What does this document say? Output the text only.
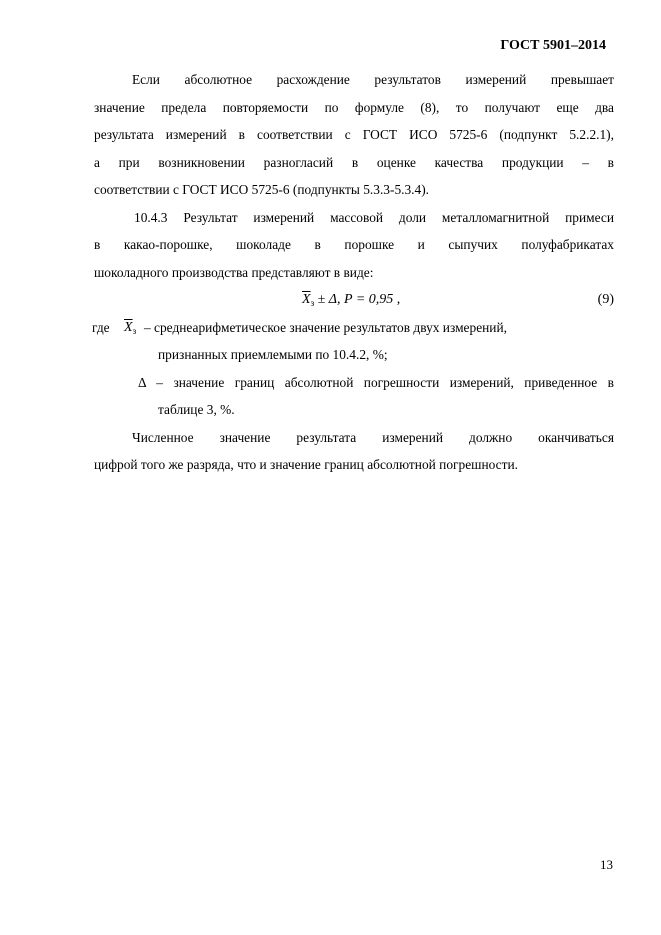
ГОСТ 5901–2014

Если абсолютное расхождение результатов измерений превышает

значение предела повторяемости по формуле (8), то получают еще два

результата измерений в соответствии с ГОСТ ИСО 5725-6 (подпункт 5.2.2.1),

а при возникновении разногласий в оценке качества продукции – в

соответствии с ГОСТ ИСО 5725-6 (подпункты 5.3.3-5.3.4).

10.4.3 Результат измерений массовой доли металломагнитной примеси

в какао-порошке, шоколаде в порошке и сыпучих полуфабрикатах

шоколадного производства представляют в виде:

$\overline{X}_з \pm \Delta$, P = 0,95 ,	(9)
где $\overline{X}_з$ – среднеарифметическое значение результатов двух измерений,

признанных приемлемыми по 10.4.2, %;

Δ – значение границ абсолютной погрешности измерений, приведенное в

таблице 3, %.

Численное значение результата измерений должно оканчиваться

цифрой того же разряда, что и значение границ абсолютной погрешности.

13
